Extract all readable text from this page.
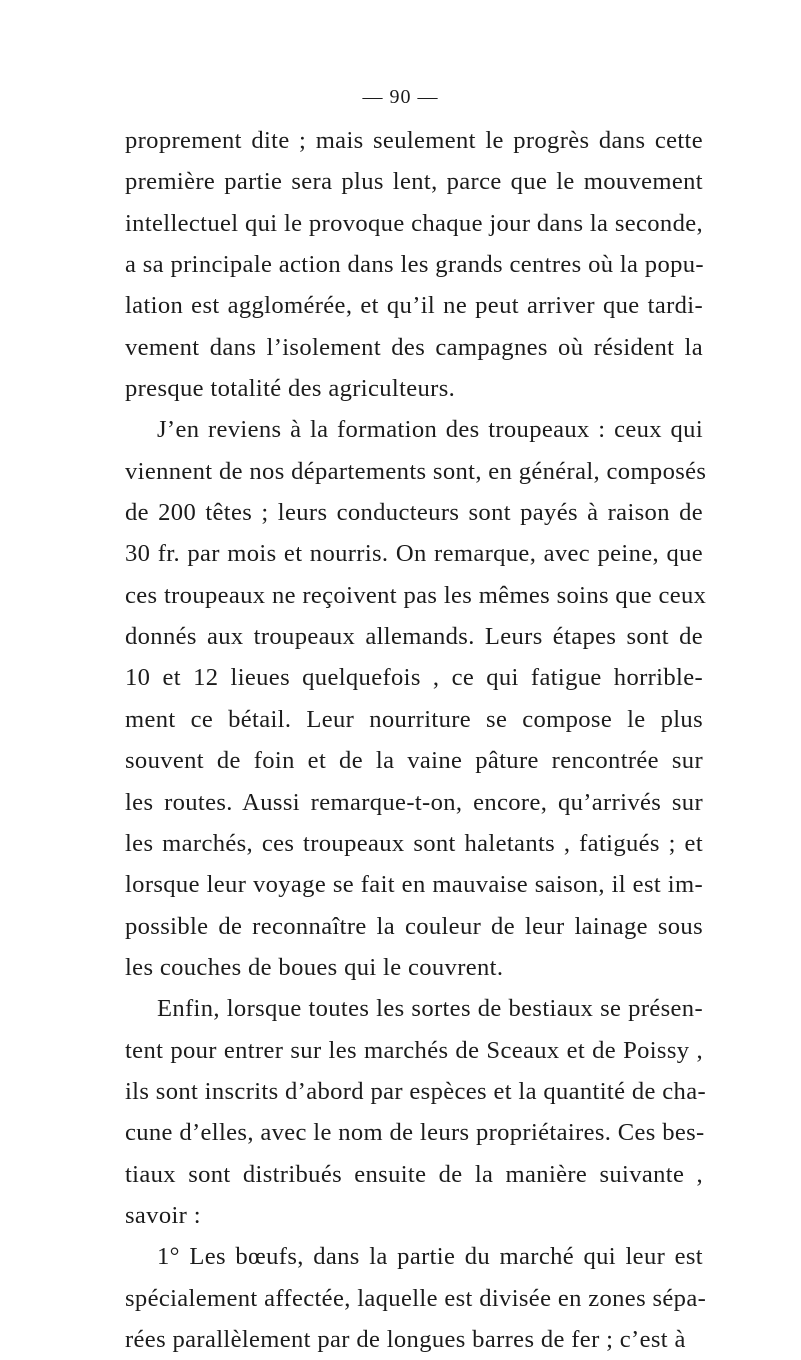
— 90 —
proprement dite ; mais seulement le progrès dans cette
première partie sera plus lent, parce que le mouvement
intellectuel qui le provoque chaque jour dans la seconde,
a sa principale action dans les grands centres où la popu-
lation est agglomérée, et qu’il ne peut arriver que tardi-
vement dans l’isolement des campagnes où résident la
presque totalité des agriculteurs.
J’en reviens à la formation des troupeaux : ceux qui
viennent de nos départements sont, en général, composés
de 200 têtes ; leurs conducteurs sont payés à raison de
30 fr. par mois et nourris. On remarque, avec peine, que
ces troupeaux ne reçoivent pas les mêmes soins que ceux
donnés aux troupeaux allemands. Leurs étapes sont de
10 et 12 lieues quelquefois , ce qui fatigue horrible-
ment ce bétail. Leur nourriture se compose le plus
souvent de foin et de la vaine pâture rencontrée sur
les routes. Aussi remarque-t-on, encore, qu’arrivés sur
les marchés, ces troupeaux sont haletants , fatigués ; et
lorsque leur voyage se fait en mauvaise saison, il est im-
possible de reconnaître la couleur de leur lainage sous
les couches de boues qui le couvrent.
Enfin, lorsque toutes les sortes de bestiaux se présen-
tent pour entrer sur les marchés de Sceaux et de Poissy ,
ils sont inscrits d’abord par espèces et la quantité de cha-
cune d’elles, avec le nom de leurs propriétaires. Ces bes-
tiaux sont distribués ensuite de la manière suivante ,
savoir :
1° Les bœufs, dans la partie du marché qui leur est
spécialement affectée, laquelle est divisée en zones sépa-
rées parallèlement par de longues barres de fer ; c’est à
